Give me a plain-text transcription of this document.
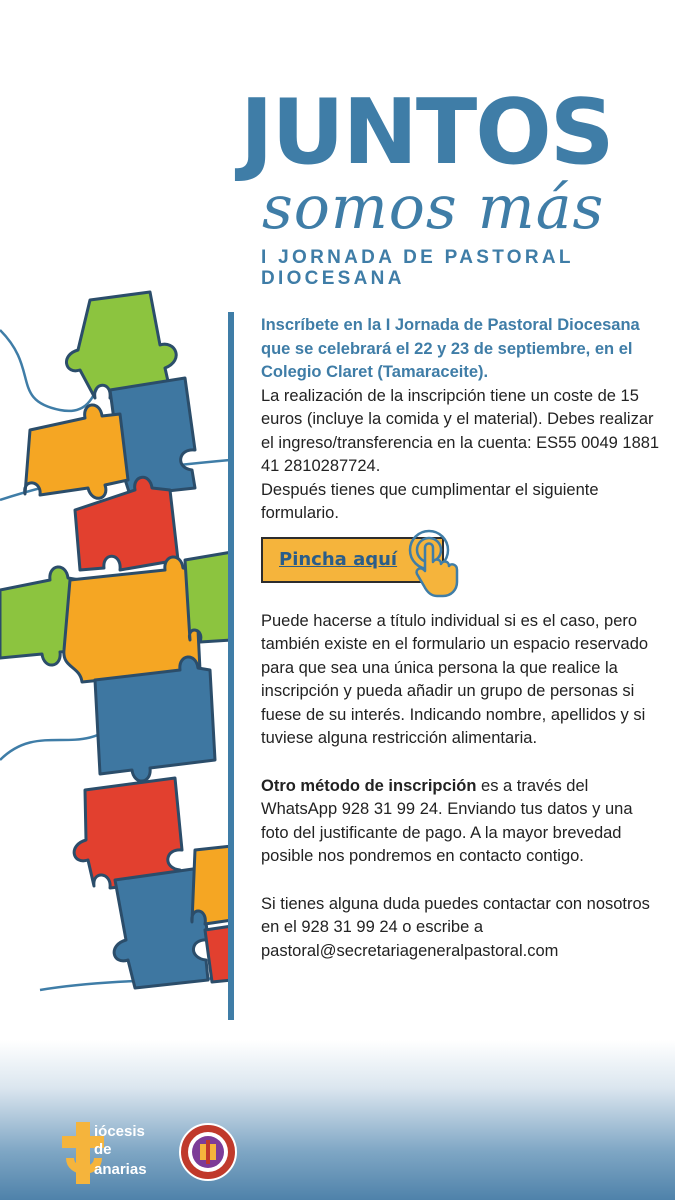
JUNTOS
somos más
I JORNADA DE PASTORAL DIOCESANA

Inscríbete en la I Jornada de Pastoral Diocesana que se celebrará el 22 y 23 de septiembre, en el Colegio Claret (Tamaraceite).

La realización de la inscripción tiene un coste de 15 euros (incluye la comida y el material). Debes realizar el ingreso/transferencia en la cuenta: ES55 0049 1881 41 2810287724.

Después tienes que cumplimentar el siguiente formulario.

Pincha aquí

Puede hacerse a título individual si es el caso, pero también existe en el formulario un espacio reservado para que sea una única persona la que realice la inscripción y pueda añadir un grupo de personas si fuese de su interés. Indicando nombre, apellidos y si tuviese alguna restricción alimentaria.

Otro método de inscripción es a través del WhatsApp 928 31 99 24. Enviando tus datos y una foto del justificante de pago. A la mayor brevedad posible nos pondremos en contacto contigo.

Si tienes alguna duda puedes contactar con nosotros en el 928 31 99 24 o escribe a pastoral@secretariageneralpastoral.com

iócesis
de
anarias
